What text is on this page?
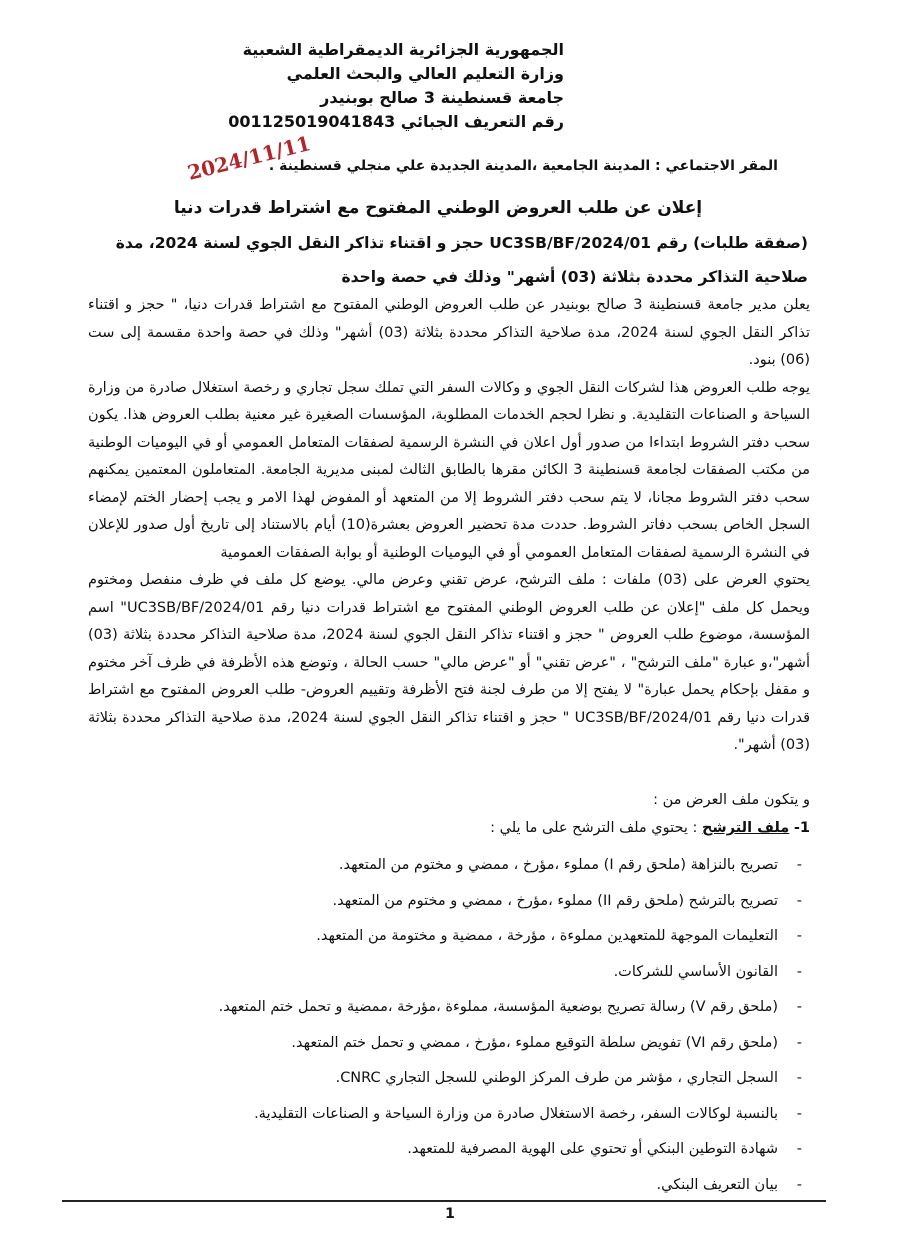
الجمهورية الجزائرية الديمقراطية الشعبية
وزارة التعليم العالي والبحث العلمي
جامعة قسنطينة 3 صالح بوبنيدر
رقم التعريف الجبائي 001125019041843
المقر الاجتماعي : المدينة الجامعية ،المدينة الجديدة علي منجلي قسنطينة .
2024/11/11
إعلان عن طلب العروض الوطني المفتوح مع اشتراط قدرات دنيا
(صفقة طلبات) رقم 01/UC3SB/BF/2024 حجز و اقتناء تذاكر النقل الجوي لسنة 2024، مدة صلاحية التذاكر محددة بثلاثة (03) أشهر" وذلك في حصة واحدة

يعلن مدير جامعة قسنطينة 3 صالح بوبنيدر عن طلب العروض الوطني المفتوح مع اشتراط قدرات دنيا، " حجز و اقتناء تذاكر النقل الجوي لسنة 2024، مدة صلاحية التذاكر محددة بثلاثة (03) أشهر" وذلك في حصة واحدة مقسمة إلى ست (06) بنود.

يوجه طلب العروض هذا لشركات النقل الجوي و وكالات السفر التي تملك سجل تجاري و رخصة استغلال صادرة من وزارة السياحة و الصناعات التقليدية. و نظرا لحجم الخدمات المطلوبة، المؤسسات الصغيرة غير معنية بطلب العروض هذا. يكون سحب دفتر الشروط ابتداءا من صدور أول اعلان في النشرة الرسمية لصفقات المتعامل العمومي أو في اليوميات الوطنية من مكتب الصفقات لجامعة قسنطينة 3 الكائن مقرها بالطابق الثالث لمبنى مديرية الجامعة. المتعاملون المعتمين يمكنهم سحب دفتر الشروط مجانا، لا يتم سحب دفتر الشروط إلا من المتعهد أو المفوض لهذا الامر و يجب إحضار الختم لإمضاء السجل الخاص بسحب دفاتر الشروط. حددت مدة تحضير العروض بعشرة(10) أيام بالاستناد إلى تاريخ أول صدور للإعلان في النشرة الرسمية لصفقات المتعامل العمومي أو في اليوميات الوطنية أو بوابة الصفقات العمومية

يحتوي العرض على (03) ملفات : ملف الترشح، عرض تقني وعرض مالي. يوضع كل ملف في ظرف منفصل ومختوم ويحمل كل ملف "إعلان عن طلب العروض الوطني المفتوح مع اشتراط قدرات دنيا رقم 01/UC3SB/BF/2024" اسم المؤسسة، موضوع طلب العروض " حجز و اقتناء تذاكر النقل الجوي لسنة 2024، مدة صلاحية التذاكر محددة بثلاثة (03) أشهر"،و عبارة "ملف الترشح" ، "عرض تقني" أو "عرض مالي" حسب الحالة ، وتوضع هذه الأظرفة في ظرف آخر مختوم و مقفل بإحكام يحمل عبارة" لا يفتح إلا من طرف لجنة فتح الأظرفة وتقييم العروض- طلب العروض المفتوح مع اشتراط قدرات دنيا رقم 01/UC3SB/BF/2024 " حجز و اقتناء تذاكر النقل الجوي لسنة 2024، مدة صلاحية التذاكر محددة بثلاثة (03) أشهر".

و يتكون ملف العرض من :
1- ملف الترشح : يحتوي ملف الترشح على ما يلي :
- تصريح بالنزاهة (ملحق رقم I) مملوء ،مؤرخ ، ممضي و مختوم من المتعهد.
- تصريح بالترشح (ملحق رقم II) مملوء ،مؤرخ ، ممضي و مختوم من المتعهد.
- التعليمات الموجهة للمتعهدين مملوءة ، مؤرخة ، ممضية و مختومة من المتعهد.
- القانون الأساسي للشركات.
- (ملحق رقم V) رسالة تصريح بوضعية المؤسسة، مملوءة ،مؤرخة ،ممضية و تحمل ختم المتعهد.
- (ملحق رقم VI) تفويض سلطة التوقيع مملوء ،مؤرخ ، ممضي و تحمل ختم المتعهد.
- السجل التجاري ، مؤشر من طرف المركز الوطني للسجل التجاري CNRC.
- بالنسبة لوكالات السفر، رخصة الاستغلال صادرة من وزارة السياحة و الصناعات التقليدية.
- شهادة التوطين البنكي أو تحتوي على الهوية المصرفية للمتعهد.
- بيان التعريف البنكي.
1
